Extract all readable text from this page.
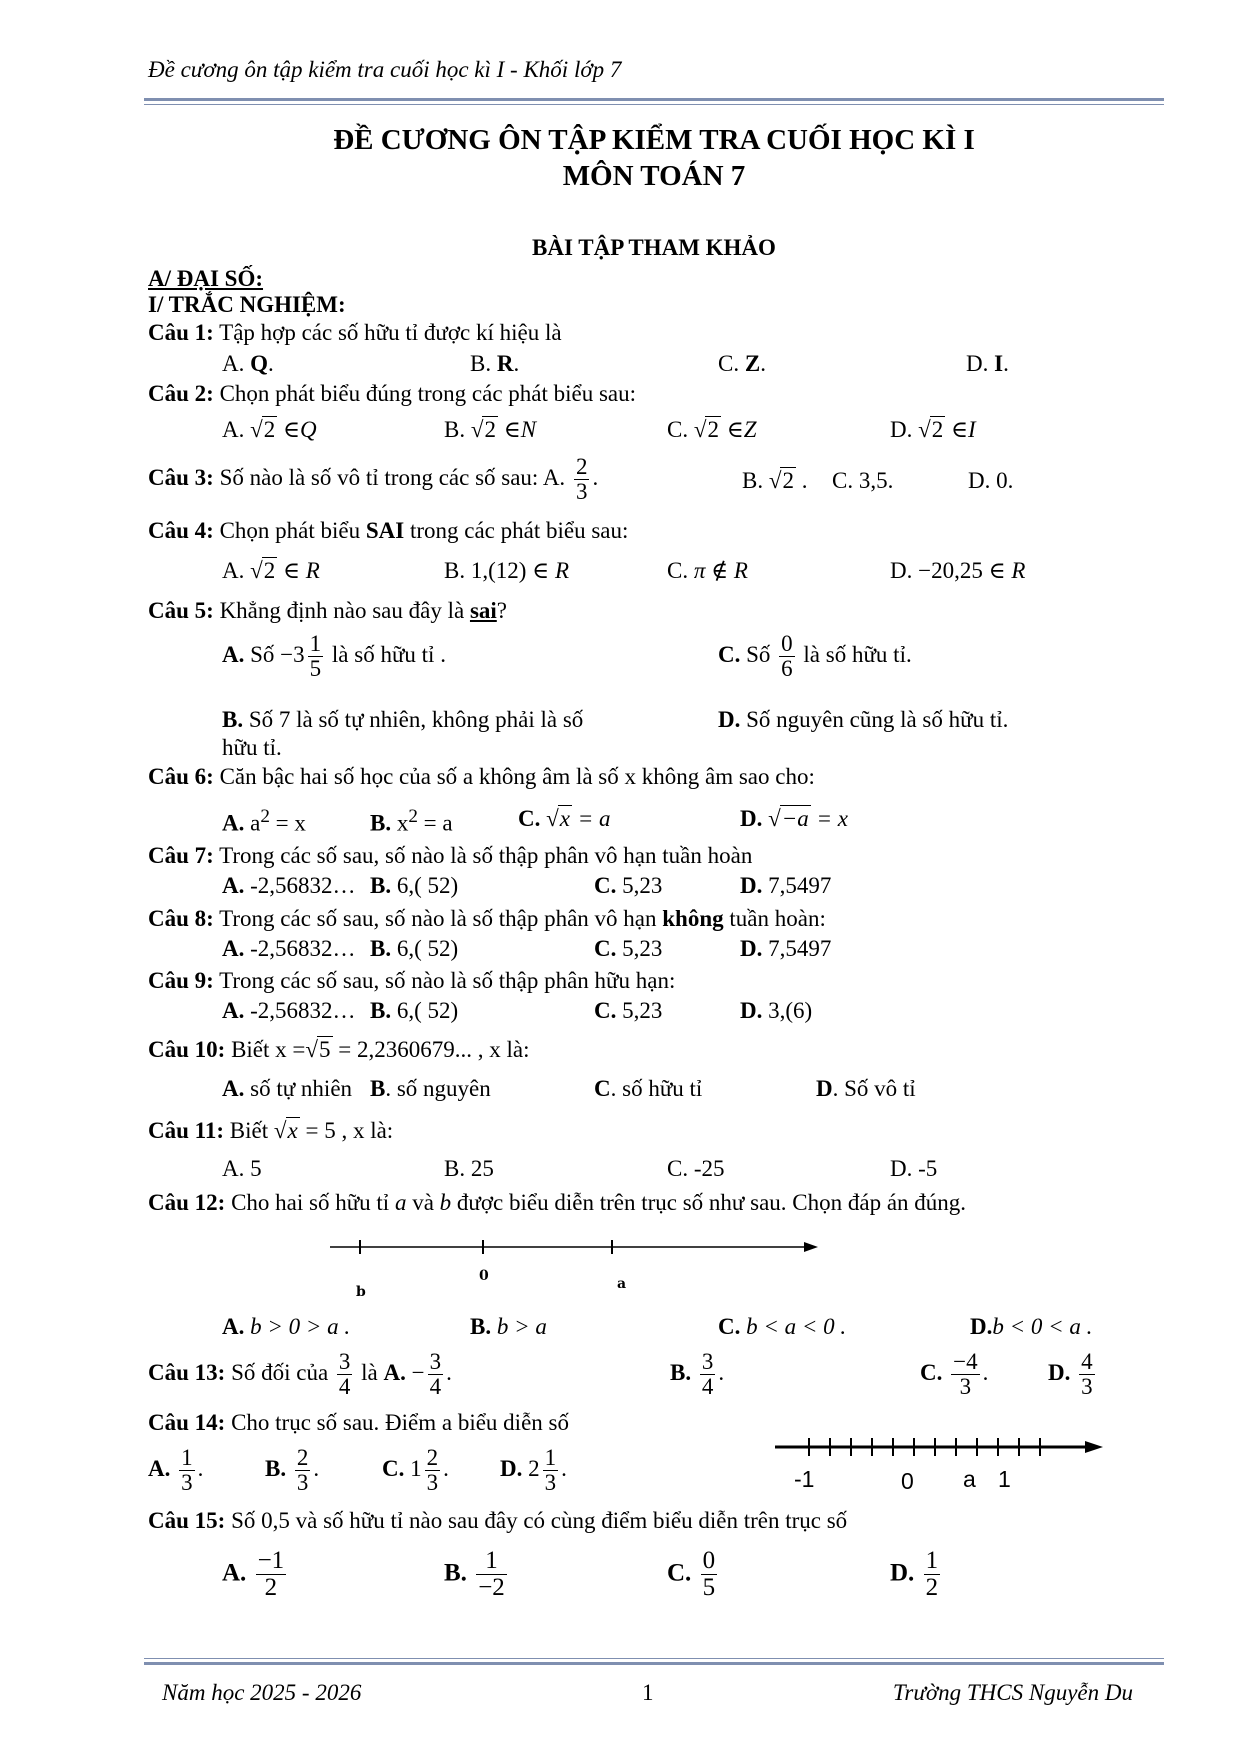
Đề cương ôn tập kiểm tra cuối học kì I - Khối lớp 7
ĐỀ CƯƠNG ÔN TẬP KIỂM TRA CUỐI HỌC KÌ I
MÔN TOÁN 7
BÀI TẬP THAM KHẢO
A/ ĐẠI SỐ:
I/ TRẮC NGHIỆM:
Câu 1: Tập hợp các số hữu tỉ được kí hiệu là
A. Q.	B. R.	C. Z.	D. I.
Câu 2: Chọn phát biểu đúng trong các phát biểu sau:
A. √2 ∈Q	B. √2 ∈N	C. √2 ∈Z	D. √2 ∈I
Câu 3: Số nào là số vô tỉ trong các số sau: A. $\frac{2}{3}$ .	B. √2 . C. 3,5.	D. 0.
Câu 4: Chọn phát biểu SAI trong các phát biểu sau:
A. √2 ∈ R	B. 1,(12) ∈ R	C. π ∉ R	D. −20,25 ∈ R
Câu 5: Khẳng định nào sau đây là sai?
A. Số $-3 \frac{1}{5}$ là số hữu tỉ .	C. Số $\frac{0}{6}$ là số hữu tỉ.
B. Số 7 là số tự nhiên, không phải là số
hữu tỉ.
D. Số nguyên cũng là số hữu tỉ.
Câu 6: Căn bậc hai số học của số a không âm là số x không âm sao cho:
A. $a^2 = x$	B. $x^2 = a$	C. √x = a	D. √−a = x
Câu 7: Trong các số sau, số nào là số thập phân vô hạn tuần hoàn
A. -2,56832… B. 6,( 52)	C. 5,23	D. 7,5497
Câu 8: Trong các số sau, số nào là số thập phân vô hạn không tuần hoàn:
A. -2,56832… B. 6,( 52)	C. 5,23	D. 7,5497
Câu 9: Trong các số sau, số nào là số thập phân hữu hạn:
A. -2,56832… B. 6,( 52)	C. 5,23	D. 3,(6)
Câu 10: Biết x =√5 = 2,2360679... , x là:
A. số tự nhiên B. số nguyên	C. số hữu tỉ	D. Số vô tỉ
Câu 11: Biết √x = 5 , x là:
A. 5	B. 25	C. -25	D. -5
Câu 12: Cho hai số hữu tỉ a và b được biểu diễn trên trục số như sau. Chọn đáp án đúng.
b
0	a
A. b > 0 > a .	B. b > a	C. b < a < 0 .	D.b < 0 < a .
Câu 13: Số đối của $\frac{3}{4}$ là A. − $\frac{3}{4}$ .	B. $\frac{3}{4}$ .	C. $\frac{-4}{3}$ .	D. $\frac{4}{3}$
Câu 14: Cho trục số sau. Điểm a biểu diễn số
A. $\frac{1}{3}$ .	B. $\frac{2}{3}$ .	C. $1 \frac{2}{3}$ . D. $2 \frac{1}{3}$ .	-1	0 a 1
Câu 15: Số 0,5 và số hữu tỉ nào sau đây có cùng điểm biểu diễn trên trục số
A. $\frac{-1}{2}$	B. $\frac{1}{-2}$	C. $\frac{0}{5}$	D. $\frac{1}{2}$
Năm học 2025 - 2026	1	Trường THCS Nguyễn Du
